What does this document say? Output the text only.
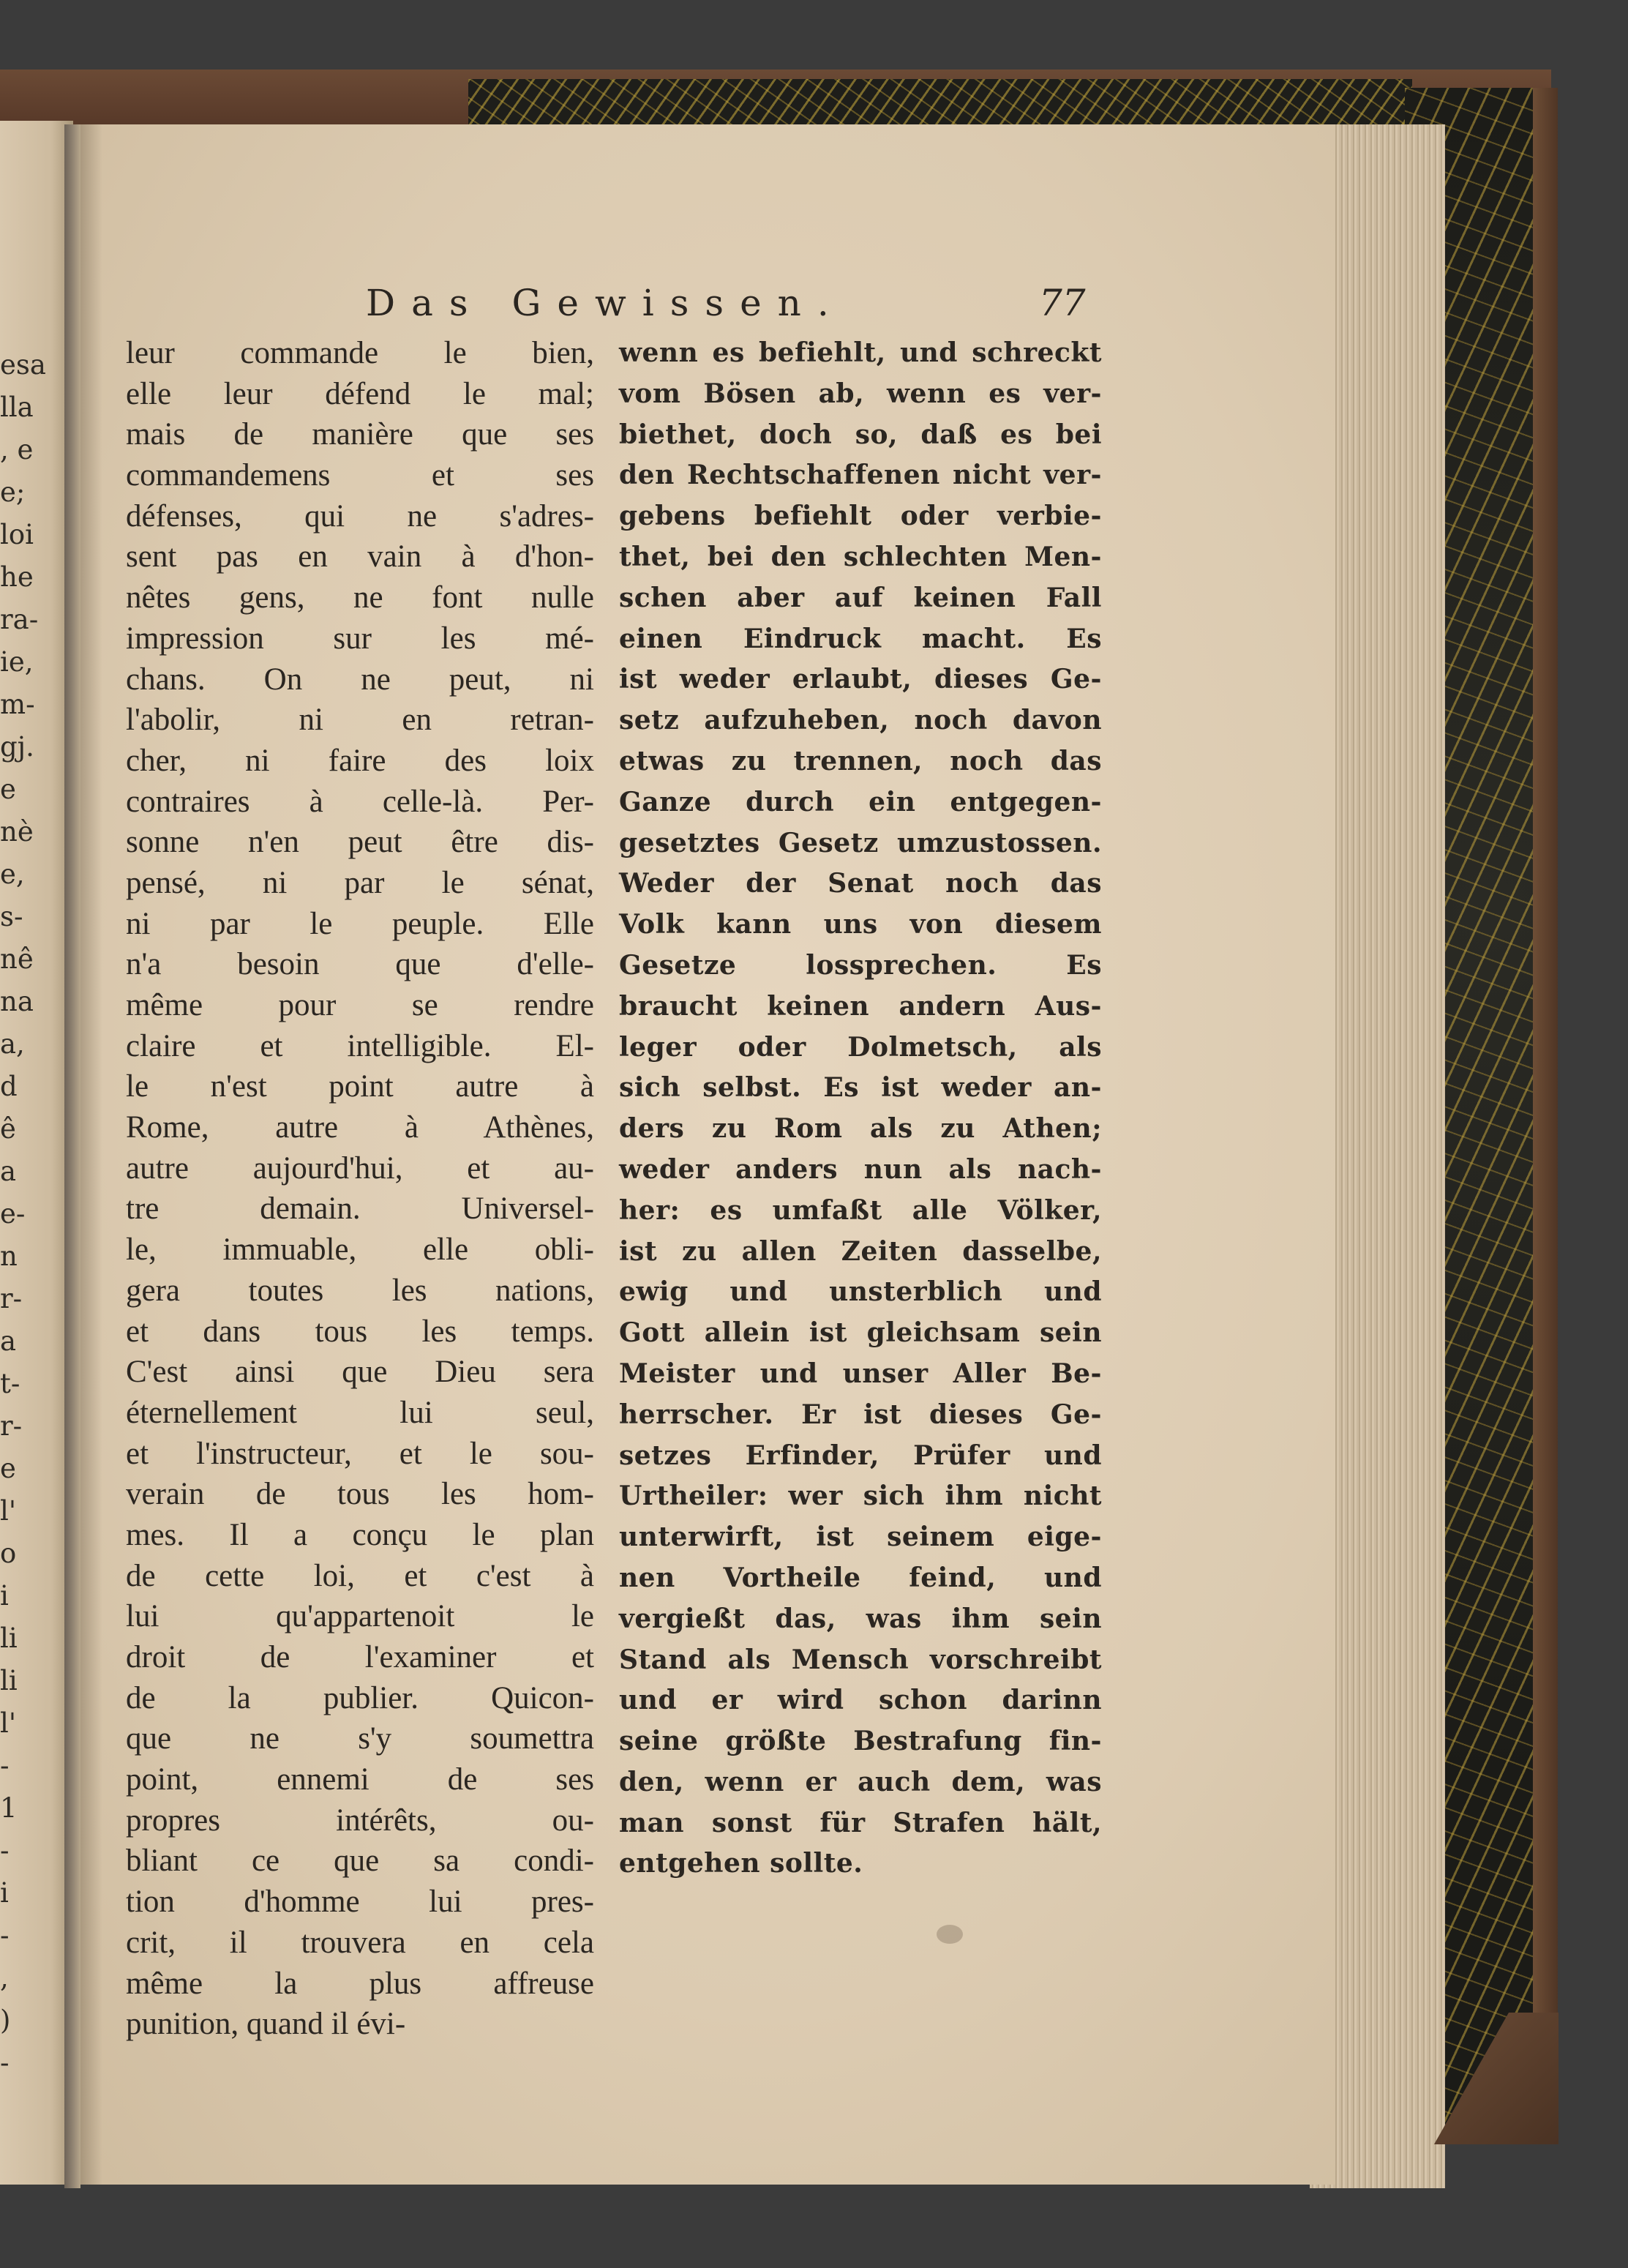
esa
lla
, e
e;
loi
he
ra-
ie,
m-
gj.
e
nè
e,
s-
nê
na
a,
d
ê
a
e-
n
r-
a
t-
r-
e
l'
o
i
li
li
l'
-
1
-
i
-
,
)
-
Das Gewissen.	77
leur commande le bien,
elle leur défend le mal;
mais de manière que ses
commandemens et ses
défenses, qui ne s'adres-
sent pas en vain à d'hon-
nêtes gens, ne font nulle
impression sur les mé-
chans. On ne peut, ni
l'abolir, ni en retran-
cher, ni faire des loix
contraires à celle-là. Per-
sonne n'en peut être dis-
pensé, ni par le sénat,
ni par le peuple. Elle
n'a besoin que d'elle-
même pour se rendre
claire et intelligible. El-
le n'est point autre à
Rome, autre à Athènes,
autre aujourd'hui, et au-
tre demain. Universel-
le, immuable, elle obli-
gera toutes les nations,
et dans tous les temps.
C'est ainsi que Dieu sera
éternellement lui seul,
et l'instructeur, et le sou-
verain de tous les hom-
mes. Il a conçu le plan
de cette loi, et c'est à
lui qu'appartenoit le
droit de l'examiner et
de la publier. Quicon-
que ne s'y soumettra
point, ennemi de ses
propres intérêts, ou-
bliant ce que sa condi-
tion d'homme lui pres-
crit, il trouvera en cela
même la plus affreuse
punition, quand il évi-
wenn es befiehlt, und schreckt
vom Bösen ab, wenn es ver-
biethet, doch so, daß es bei
den Rechtschaffenen nicht ver-
gebens befiehlt oder verbie-
thet, bei den schlechten Men-
schen aber auf keinen Fall
einen Eindruck macht. Es
ist weder erlaubt, dieses Ge-
setz aufzuheben, noch davon
etwas zu trennen, noch das
Ganze durch ein entgegen-
gesetztes Gesetz umzustossen.
Weder der Senat noch das
Volk kann uns von diesem
Gesetze lossprechen. Es
braucht keinen andern Aus-
leger oder Dolmetsch, als
sich selbst. Es ist weder an-
ders zu Rom als zu Athen;
weder anders nun als nach-
her: es umfaßt alle Völker,
ist zu allen Zeiten dasselbe,
ewig und unsterblich und
Gott allein ist gleichsam sein
Meister und unser Aller Be-
herrscher. Er ist dieses Ge-
setzes Erfinder, Prüfer und
Urtheiler: wer sich ihm nicht
unterwirft, ist seinem eige-
nen Vortheile feind, und
vergießt das, was ihm sein
Stand als Mensch vorschreibt
und er wird schon darinn
seine größte Bestrafung fin-
den, wenn er auch dem, was
man sonst für Strafen hält,
entgehen sollte.
